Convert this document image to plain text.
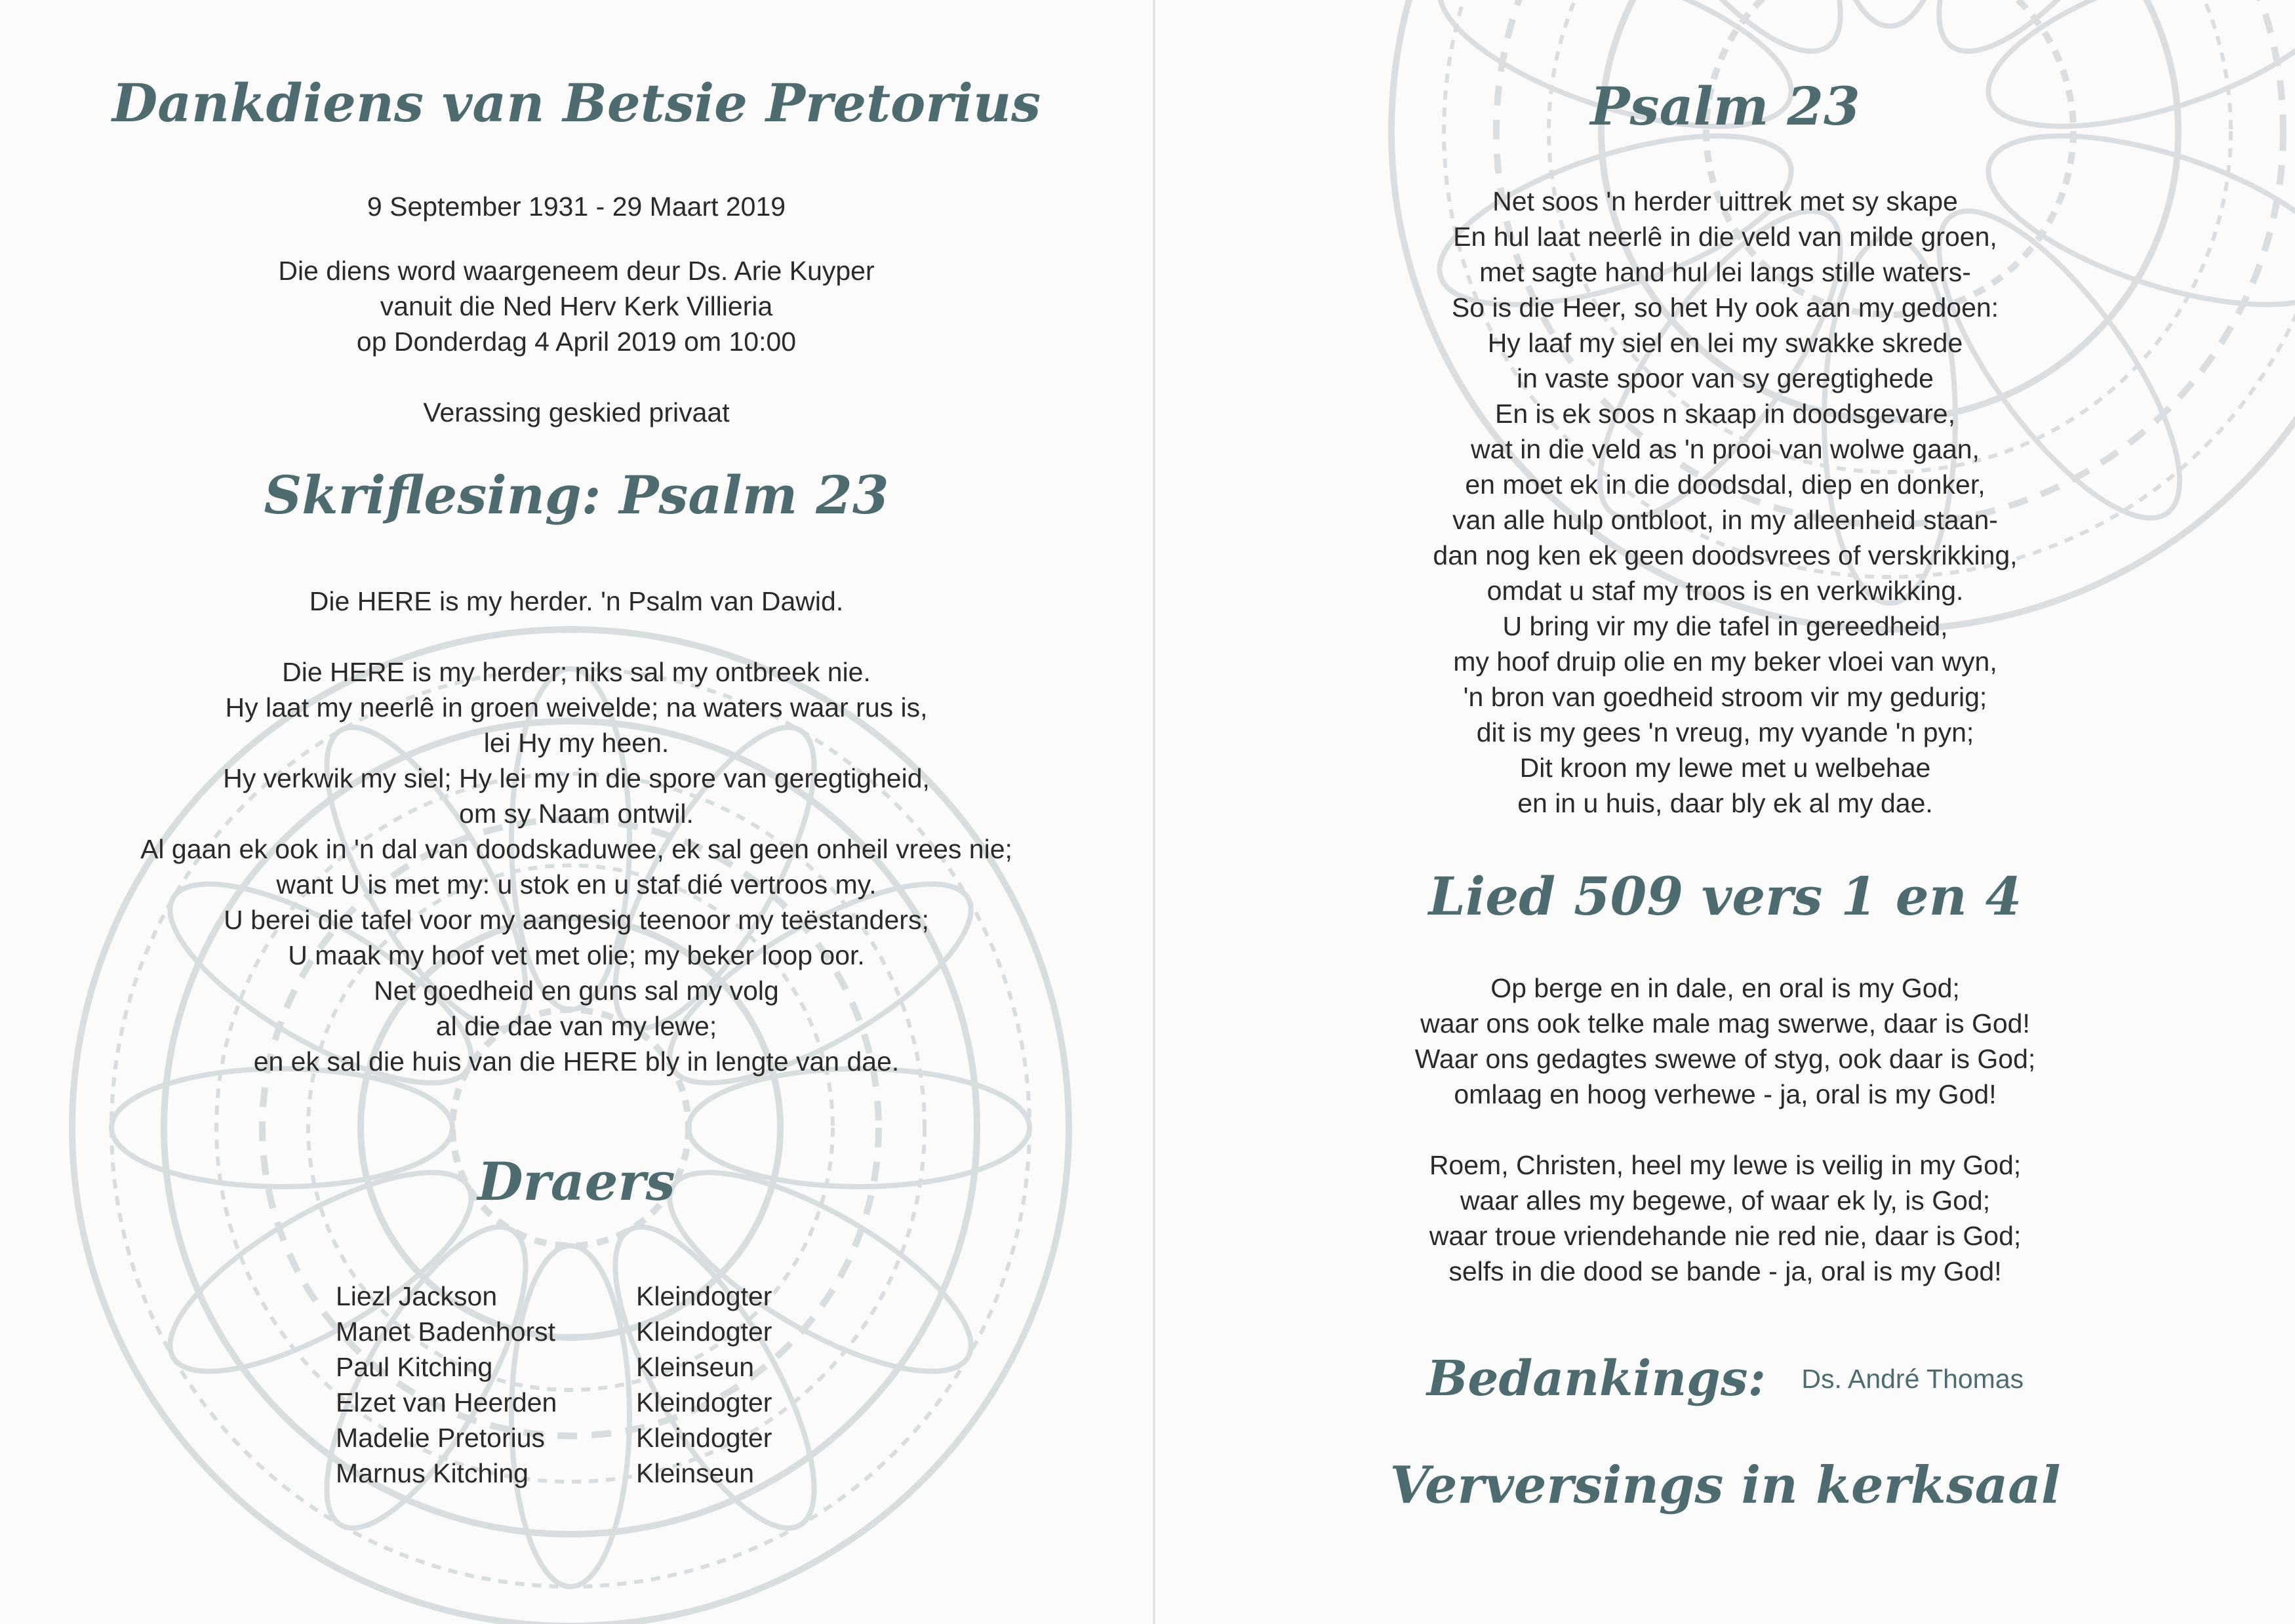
Dankdiens van Betsie Pretorius

9 September 1931 - 29 Maart 2019

Die diens word waargeneem deur Ds. Arie Kuyper
vanuit die Ned Herv Kerk Villieria
op Donderdag 4 April 2019 om 10:00

Verassing geskied privaat

Skriflesing: Psalm 23

Die HERE is my herder. 'n Psalm van Dawid.

Die HERE is my herder; niks sal my ontbreek nie.
Hy laat my neerlê in groen weivelde; na waters waar rus is,
lei Hy my heen.
Hy verkwik my siel; Hy lei my in die spore van geregtigheid,
om sy Naam ontwil.
Al gaan ek ook in 'n dal van doodskaduwee, ek sal geen onheil vrees nie;
want U is met my: u stok en u staf dié vertroos my.
U berei die tafel voor my aangesig teenoor my teëstanders;
U maak my hoof vet met olie; my beker loop oor.
Net goedheid en guns sal my volg
al die dae van my lewe;
en ek sal die huis van die HERE bly in lengte van dae.

Draers
Liezl Jackson	Kleindogter
Manet Badenhorst	Kleindogter
Paul Kitching	Kleinseun
Elzet van Heerden	Kleindogter
Madelie Pretorius	Kleindogter
Marnus Kitching	Kleinseun
Psalm 23

Net soos 'n herder uittrek met sy skape
En hul laat neerlê in die veld van milde groen,
met sagte hand hul lei langs stille waters-
So is die Heer, so het Hy ook aan my gedoen:
Hy laaf my siel en lei my swakke skrede
in vaste spoor van sy geregtighede
En is ek soos n skaap in doodsgevare,
wat in die veld as 'n prooi van wolwe gaan,
en moet ek in die doodsdal, diep en donker,
van alle hulp ontbloot, in my alleenheid staan-
dan nog ken ek geen doodsvrees of verskrikking,
omdat u staf my troos is en verkwikking.
U bring vir my die tafel in gereedheid,
my hoof druip olie en my beker vloei van wyn,
'n bron van goedheid stroom vir my gedurig;
dit is my gees 'n vreug, my vyande 'n pyn;
Dit kroon my lewe met u welbehae
en in u huis, daar bly ek al my dae.

Lied 509 vers 1 en 4

Op berge en in dale, en oral is my God;
waar ons ook telke male mag swerwe, daar is God!
Waar ons gedagtes swewe of styg, ook daar is God;
omlaag en hoog verhewe - ja, oral is my God!

Roem, Christen, heel my lewe is veilig in my God;
waar alles my begewe, of waar ek ly, is God;
waar troue vriendehande nie red nie, daar is God;
selfs in die dood se bande - ja, oral is my God!

Bedankings: Ds. André Thomas
Verversings in kerksaal
